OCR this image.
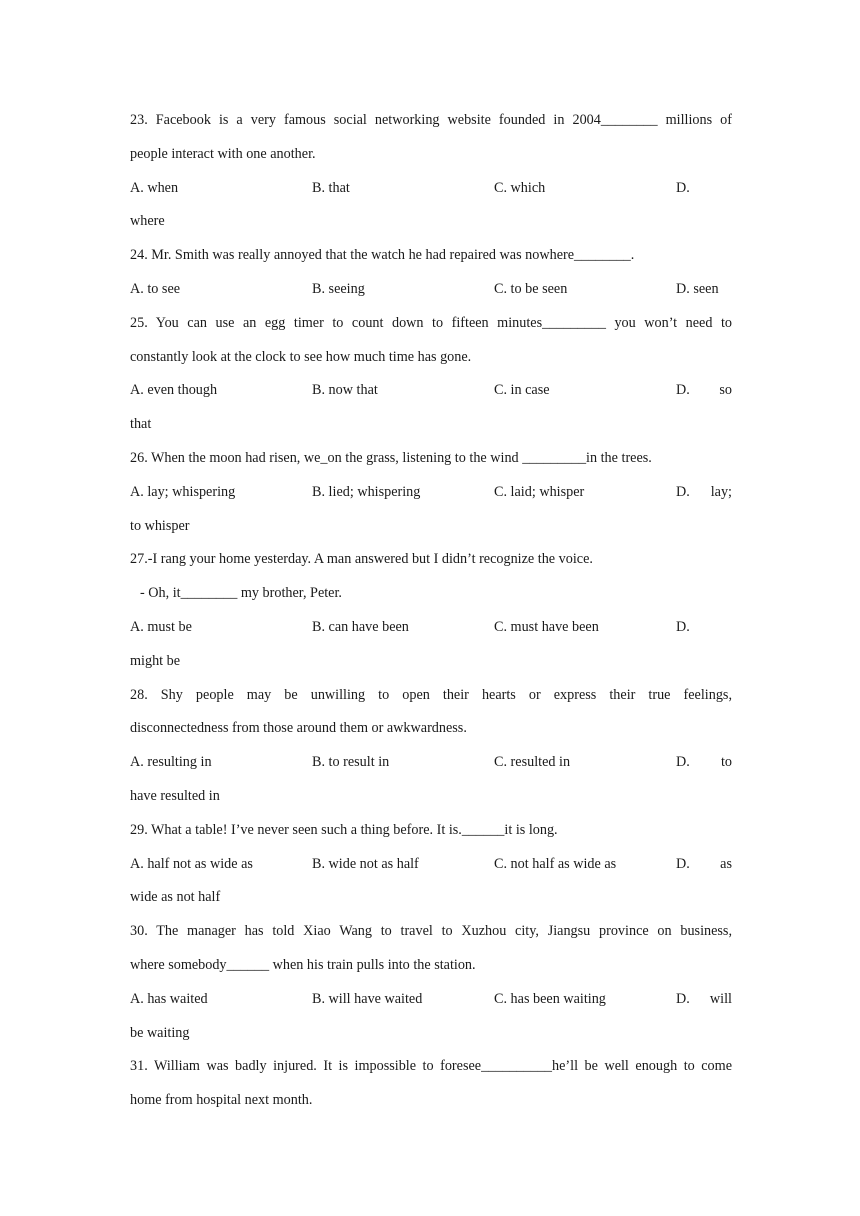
23. Facebook is a very famous social networking website founded in 2004________ millions of
people interact with one another.
A. when	B. that	C. which	D.
where
24. Mr. Smith was really annoyed that the watch he had repaired was nowhere________.
A. to see	B. seeing	C. to be seen	D. seen
25. You can use an egg timer to count down to fifteen minutes_________ you won’t need to
constantly look at the clock to see how much time has gone.
A. even though	B. now that	C. in case	D. so
that
26. When the moon had risen, we_on the grass, listening to the wind _________in the trees.
A. lay; whispering	B. lied; whispering	C. laid; whisper	D. lay;
to whisper
27.-I rang your home yesterday. A man answered but I didn’t recognize the voice.
- Oh, it________ my brother, Peter.
A. must be	B. can have been	C. must have been	D.
might be
28. Shy people may be unwilling to open their hearts or express their true feelings,
disconnectedness from those around them or awkwardness.
A. resulting in	B. to result in	C. resulted in	D. to
have resulted in
29. What a table! I’ve never seen such a thing before. It is.______it is long.
A. half not as wide as	B. wide not as half	C. not half as wide as	D. as
wide as not half
30. The manager has told Xiao Wang to travel to Xuzhou city, Jiangsu province on business,
where somebody______ when his train pulls into the station.
A. has waited	B. will have waited	C. has been waiting	D. will
be waiting
31. William was badly injured. It is impossible to foresee__________he’ll be well enough to come
home from hospital next month.
